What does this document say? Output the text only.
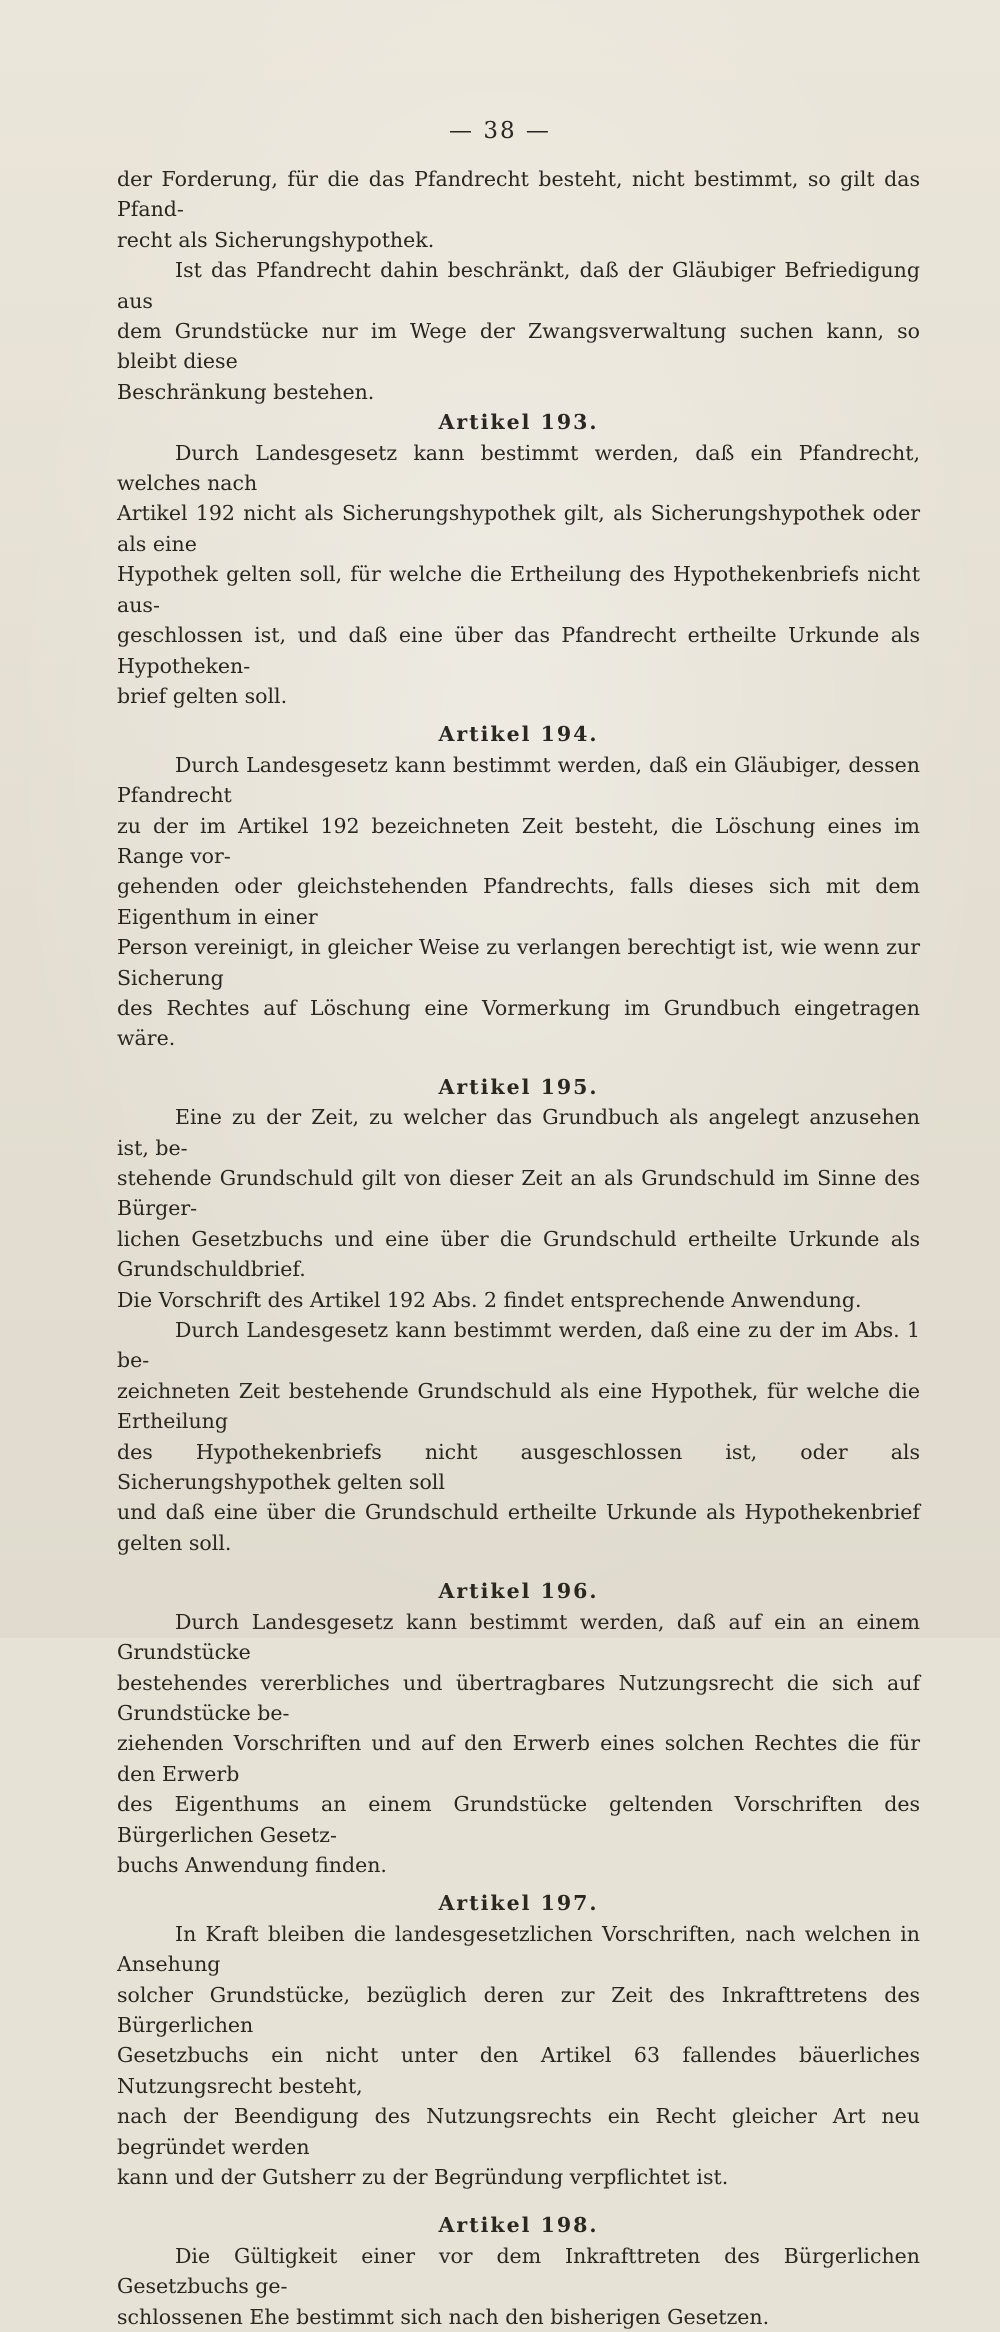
— 38 —

der Forderung, für die das Pfandrecht besteht, nicht bestimmt, so gilt das Pfand-
recht als Sicherungshypothek.

Ist das Pfandrecht dahin beschränkt, daß der Gläubiger Befriedigung aus
dem Grundstücke nur im Wege der Zwangsverwaltung suchen kann, so bleibt diese
Beschränkung bestehen.

Artikel 193.

Durch Landesgesetz kann bestimmt werden, daß ein Pfandrecht, welches nach
Artikel 192 nicht als Sicherungshypothek gilt, als Sicherungshypothek oder als eine
Hypothek gelten soll, für welche die Ertheilung des Hypothekenbriefs nicht aus-
geschlossen ist, und daß eine über das Pfandrecht ertheilte Urkunde als Hypotheken-
brief gelten soll.

Artikel 194.

Durch Landesgesetz kann bestimmt werden, daß ein Gläubiger, dessen Pfandrecht
zu der im Artikel 192 bezeichneten Zeit besteht, die Löschung eines im Range vor-
gehenden oder gleichstehenden Pfandrechts, falls dieses sich mit dem Eigenthum in einer
Person vereinigt, in gleicher Weise zu verlangen berechtigt ist, wie wenn zur Sicherung
des Rechtes auf Löschung eine Vormerkung im Grundbuch eingetragen wäre.

Artikel 195.

Eine zu der Zeit, zu welcher das Grundbuch als angelegt anzusehen ist, be-
stehende Grundschuld gilt von dieser Zeit an als Grundschuld im Sinne des Bürger-
lichen Gesetzbuchs und eine über die Grundschuld ertheilte Urkunde als Grundschuldbrief.
Die Vorschrift des Artikel 192 Abs. 2 findet entsprechende Anwendung.

Durch Landesgesetz kann bestimmt werden, daß eine zu der im Abs. 1 be-
zeichneten Zeit bestehende Grundschuld als eine Hypothek, für welche die Ertheilung
des Hypothekenbriefs nicht ausgeschlossen ist, oder als Sicherungshypothek gelten soll
und daß eine über die Grundschuld ertheilte Urkunde als Hypothekenbrief gelten soll.

Artikel 196.

Durch Landesgesetz kann bestimmt werden, daß auf ein an einem Grundstücke
bestehendes vererbliches und übertragbares Nutzungsrecht die sich auf Grundstücke be-
ziehenden Vorschriften und auf den Erwerb eines solchen Rechtes die für den Erwerb
des Eigenthums an einem Grundstücke geltenden Vorschriften des Bürgerlichen Gesetz-
buchs Anwendung finden.

Artikel 197.

In Kraft bleiben die landesgesetzlichen Vorschriften, nach welchen in Ansehung
solcher Grundstücke, bezüglich deren zur Zeit des Inkrafttretens des Bürgerlichen
Gesetzbuchs ein nicht unter den Artikel 63 fallendes bäuerliches Nutzungsrecht besteht,
nach der Beendigung des Nutzungsrechts ein Recht gleicher Art neu begründet werden
kann und der Gutsherr zu der Begründung verpflichtet ist.

Artikel 198.

Die Gültigkeit einer vor dem Inkrafttreten des Bürgerlichen Gesetzbuchs ge-
schlossenen Ehe bestimmt sich nach den bisherigen Gesetzen.
